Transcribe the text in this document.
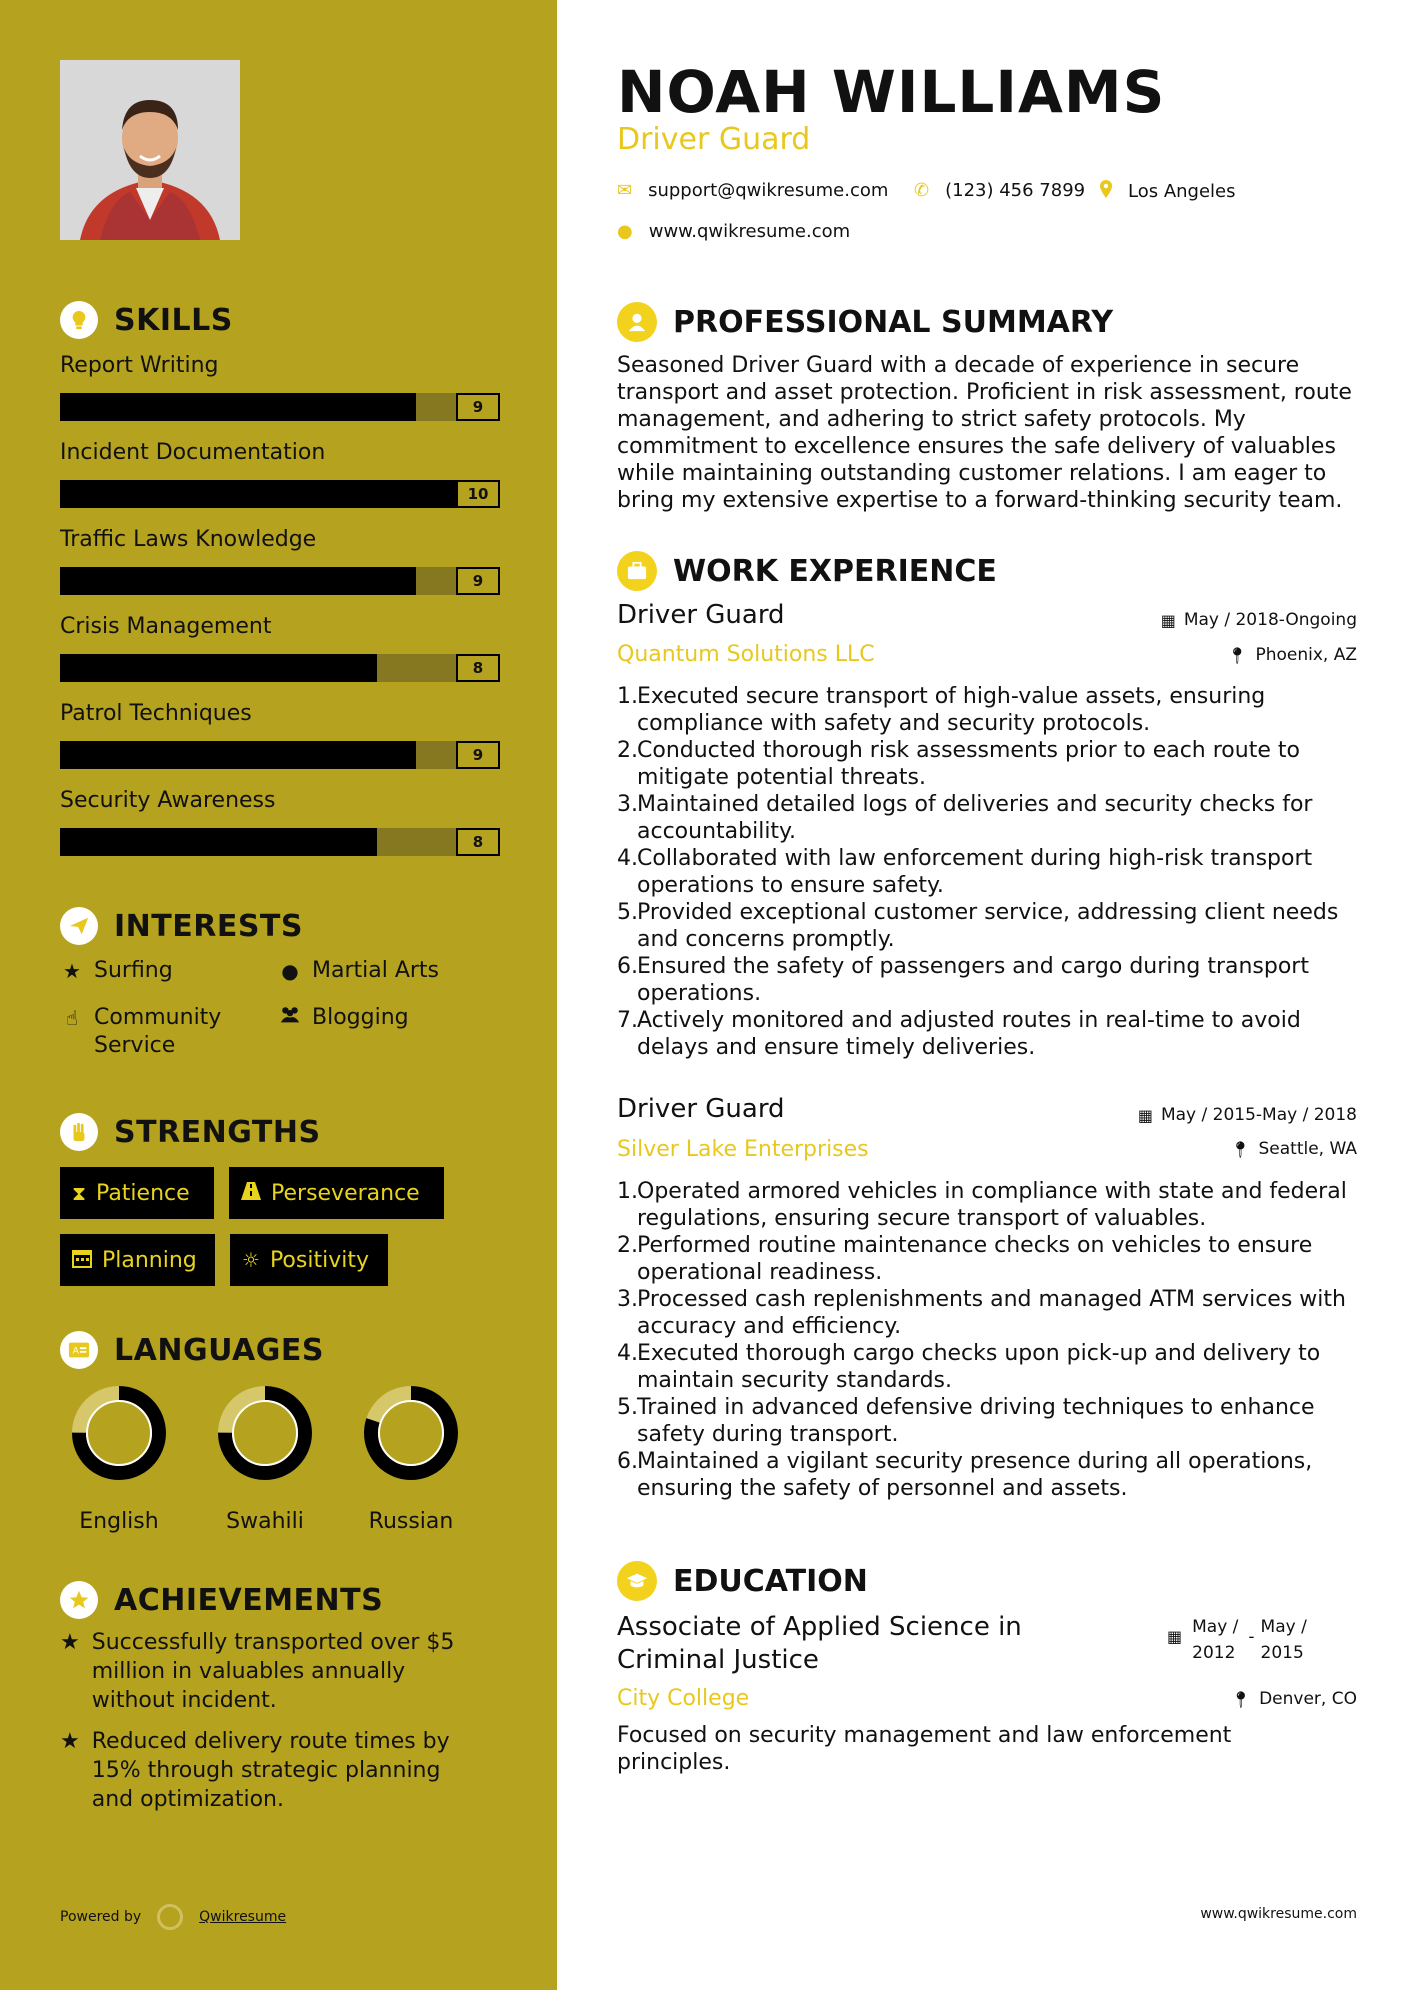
SKILLS
Report Writing
9
Incident Documentation
10
Traffic Laws Knowledge
9
Crisis Management
8
Patrol Techniques
9
Security Awareness
8
INTERESTS
★ Surfing	● Martial Arts
☝ Community
Service
Blogging
STRENGTHS
⧗ Patience	Perseverance
Planning ☼ Positivity
A LANGUAGES
English	Swahili	Russian
ACHIEVEMENTS
★ Successfully transported over $5 million in valuables annually without incident.
★ Reduced delivery route times by 15% through strategic planning and optimization.
Powered by	Qwikresume
NOAH WILLIAMS
Driver Guard
✉ support@qwikresume.com ✆ (123) 456 7899 Los Angeles
● www.qwikresume.com
PROFESSIONAL SUMMARY
Seasoned Driver Guard with a decade of experience in secure transport and asset protection. Proficient in risk assessment, route management, and adhering to strict safety protocols. My commitment to excellence ensures the safe delivery of valuables while maintaining outstanding customer relations. I am eager to bring my extensive expertise to a forward-thinking security team.
WORK EXPERIENCE
Driver Guard	▦ May / 2018-Ongoing
Quantum Solutions LLC	📍︎ Phoenix, AZ
1. Executed secure transport of high-value assets, ensuring compliance with safety and security protocols.
2. Conducted thorough risk assessments prior to each route to mitigate potential threats.
3. Maintained detailed logs of deliveries and security checks for accountability.
4. Collaborated with law enforcement during high-risk transport operations to ensure safety.
5. Provided exceptional customer service, addressing client needs and concerns promptly.
6. Ensured the safety of passengers and cargo during transport operations.
7. Actively monitored and adjusted routes in real-time to avoid delays and ensure timely deliveries.
Driver Guard	▦ May / 2015-May / 2018
Silver Lake Enterprises	📍︎ Seattle, WA
1. Operated armored vehicles in compliance with state and federal regulations, ensuring secure transport of valuables.
2. Performed routine maintenance checks on vehicles to ensure operational readiness.
3. Processed cash replenishments and managed ATM services with accuracy and efficiency.
4. Executed thorough cargo checks upon pick-up and delivery to maintain security standards.
5. Trained in advanced defensive driving techniques to enhance safety during transport.
6. Maintained a vigilant security presence during all operations, ensuring the safety of personnel and assets.
EDUCATION
Associate of Applied Science in Criminal Justice
▦ May /
2012
- May /
2015
City College	📍︎ Denver, CO
Focused on security management and law enforcement principles.
www.qwikresume.com
